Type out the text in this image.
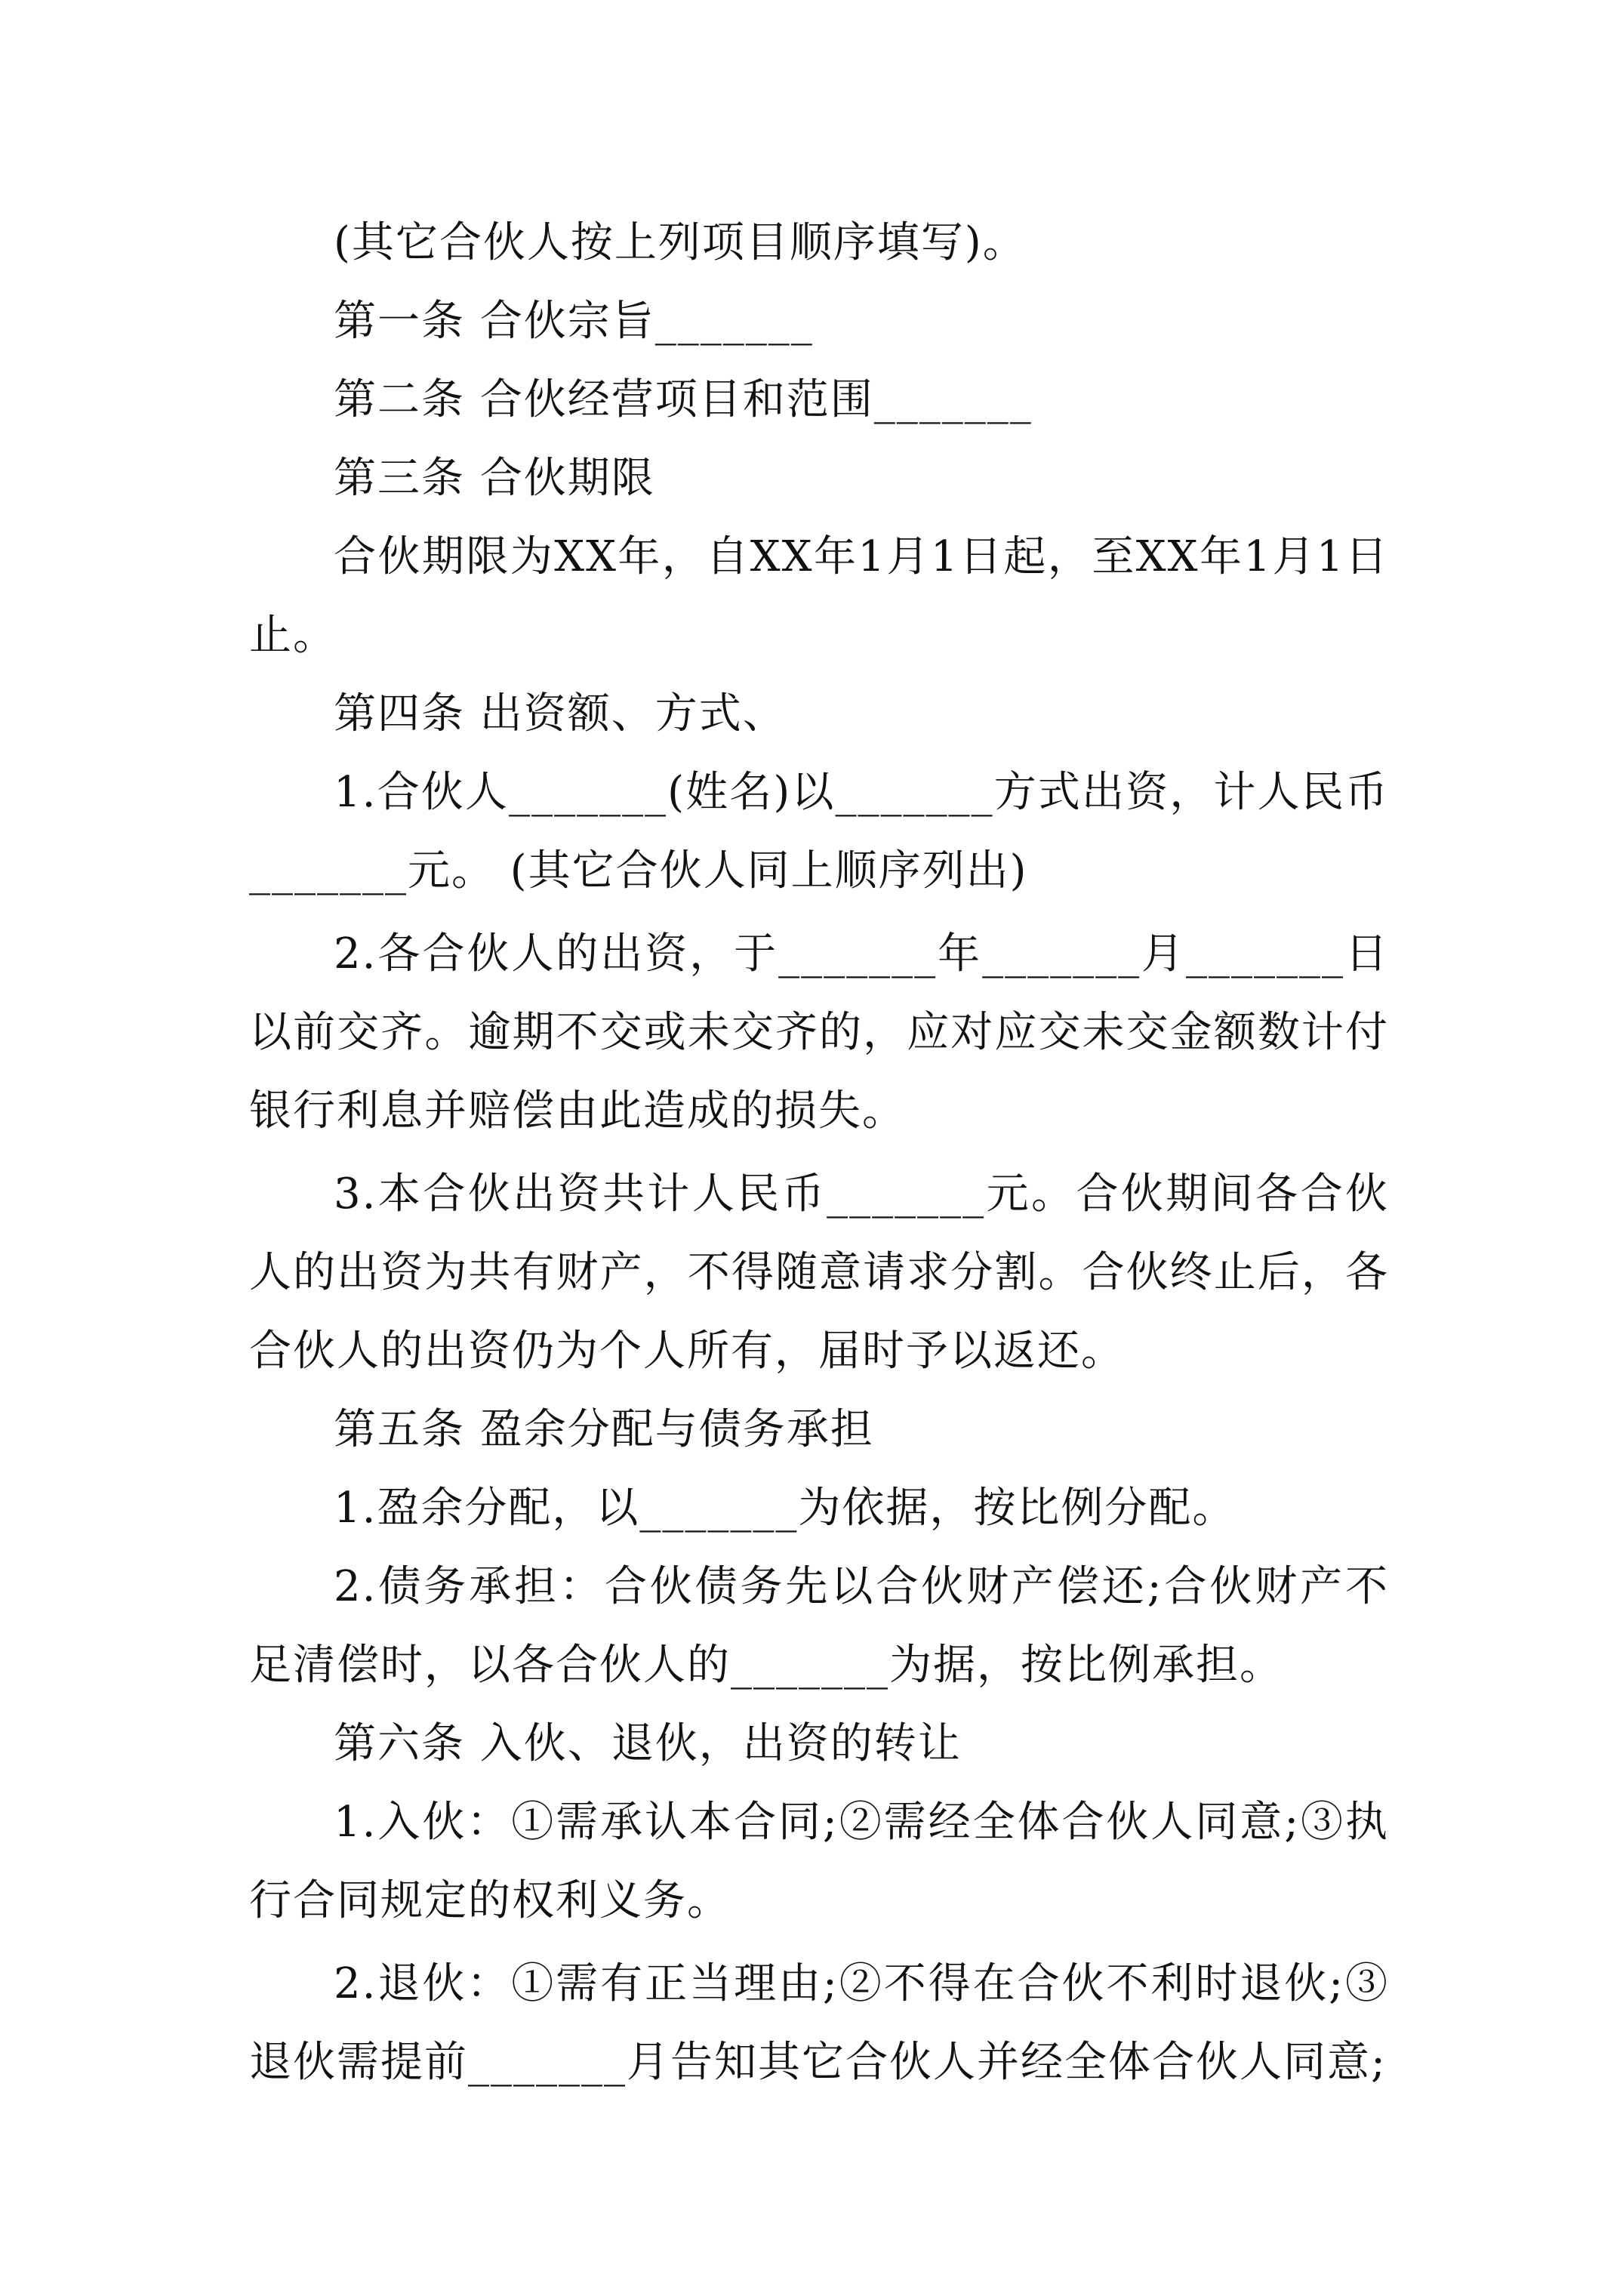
(其它合伙人按上列项目顺序填写)。

第一条 合伙宗旨_______

第二条 合伙经营项目和范围_______

第三条 合伙期限

合伙期限为XX年，自XX年1月1日起，至XX年1月1日止。

第四条 出资额、方式、

1.合伙人_______(姓名)以_______方式出资，计人民币_______元。 (其它合伙人同上顺序列出)

2.各合伙人的出资，于_______年_______月_______日以前交齐。逾期不交或未交齐的，应对应交未交金额数计付银行利息并赔偿由此造成的损失。

3.本合伙出资共计人民币_______元。合伙期间各合伙人的出资为共有财产，不得随意请求分割。合伙终止后，各合伙人的出资仍为个人所有，届时予以返还。

第五条 盈余分配与债务承担

1.盈余分配，以_______为依据，按比例分配。

2.债务承担：合伙债务先以合伙财产偿还;合伙财产不足清偿时，以各合伙人的_______为据，按比例承担。

第六条 入伙、退伙，出资的转让

1.入伙：①需承认本合同;②需经全体合伙人同意;③执行合同规定的权利义务。

2.退伙：①需有正当理由;②不得在合伙不利时退伙;③退伙需提前_______月告知其它合伙人并经全体合伙人同意;
